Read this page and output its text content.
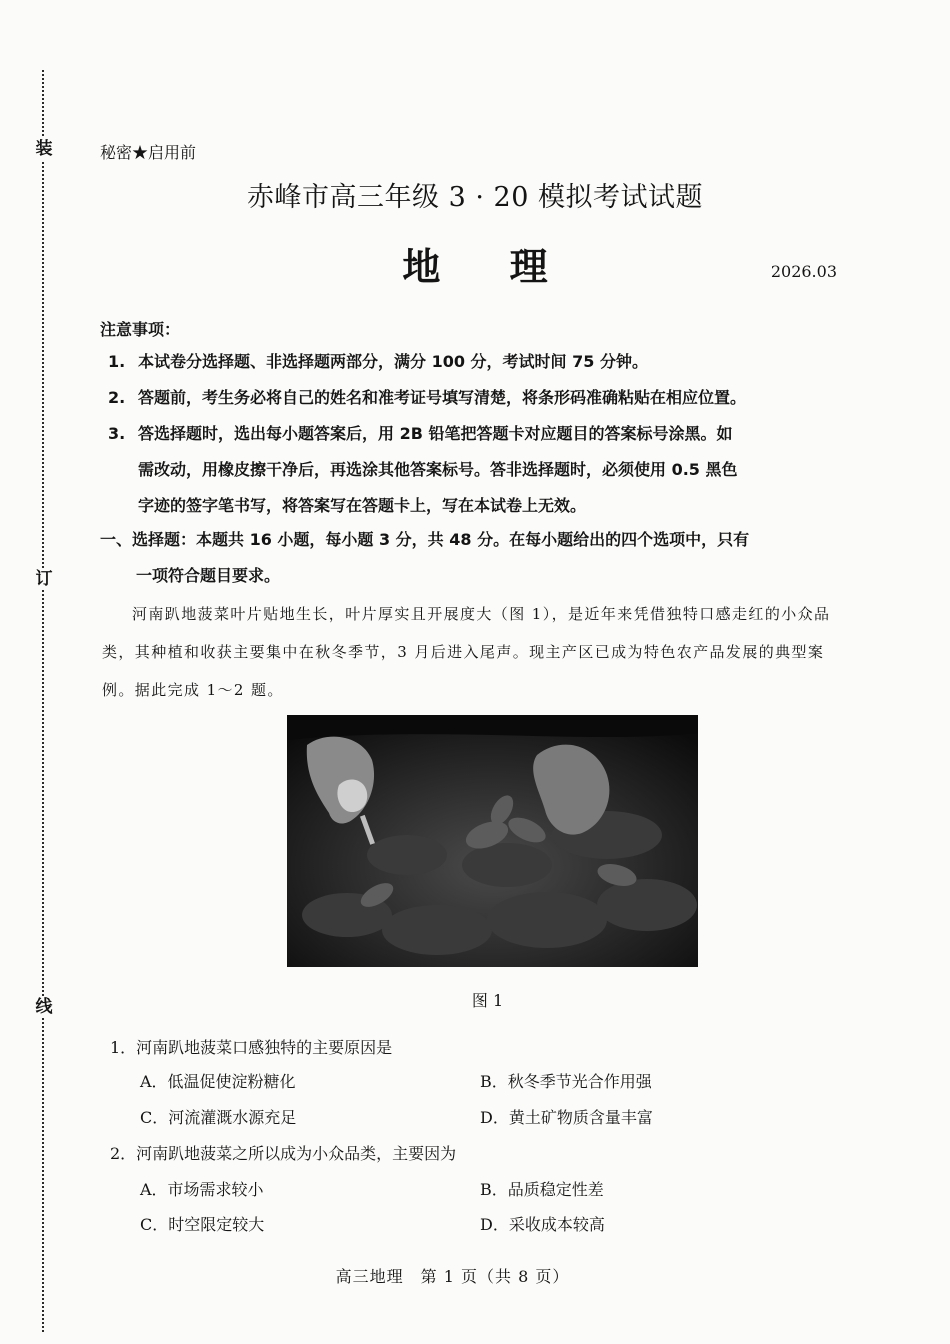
装
订
线
秘密★启用前
赤峰市高三年级 3 · 20 模拟考试试题
地 理	2026.03
注意事项：
1. 本试卷分选择题、非选择题两部分，满分 100 分，考试时间 75 分钟。
2. 答题前，考生务必将自己的姓名和准考证号填写清楚，将条形码准确粘贴在相应位置。
3. 答选择题时，选出每小题答案后，用 2B 铅笔把答题卡对应题目的答案标号涂黑。如
需改动，用橡皮擦干净后，再选涂其他答案标号。答非选择题时，必须使用 0.5 黑色
字迹的签字笔书写，将答案写在答题卡上，写在本试卷上无效。
一、选择题：本题共 16 小题，每小题 3 分，共 48 分。在每小题给出的四个选项中，只有
一项符合题目要求。
河南趴地菠菜叶片贴地生长，叶片厚实且开展度大（图 1），是近年来凭借独特口感走红的小众品类，其种植和收获主要集中在秋冬季节，3 月后进入尾声。现主产区已成为特色农产品发展的典型案例。据此完成 1～2 题。
图 1
1．河南趴地菠菜口感独特的主要原因是
A．低温促使淀粉糖化	B．秋冬季节光合作用强
C．河流灌溉水源充足	D．黄土矿物质含量丰富
2．河南趴地菠菜之所以成为小众品类，主要因为
A．市场需求较小	B．品质稳定性差
C．时空限定较大	D．采收成本较高
高三地理　第 1 页（共 8 页）
